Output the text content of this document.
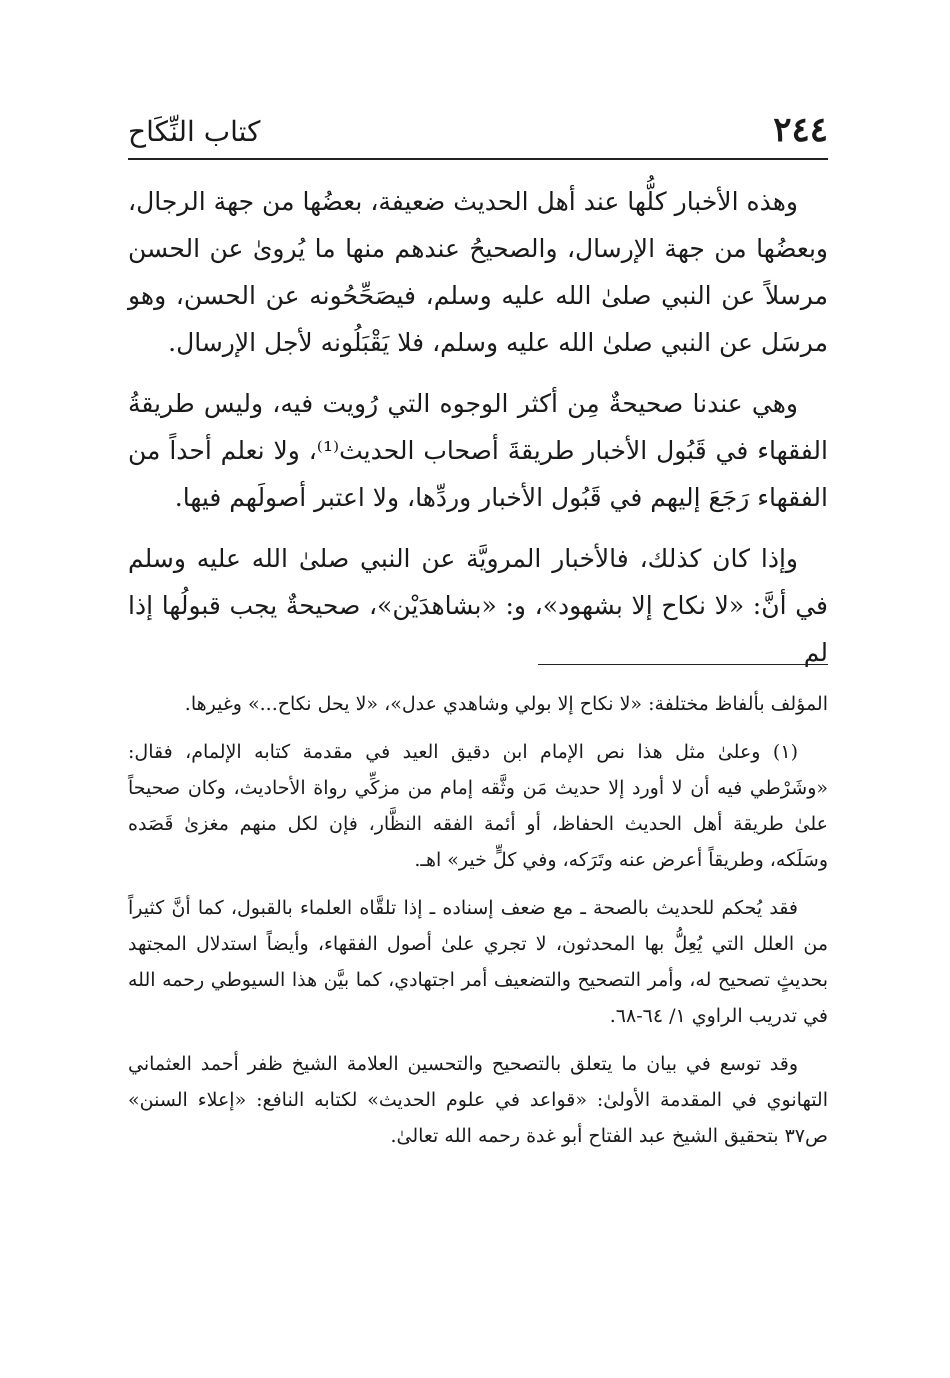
٢٤٤
كتاب النِّكَاح

وهذه الأخبار كلُّها عند أهل الحديث ضعيفة، بعضُها من جهة الرجال، وبعضُها من جهة الإرسال، والصحيحُ عندهم منها ما يُروىٰ عن الحسن مرسلاً عن النبي صلىٰ الله عليه وسلم، فيصَحِّحُونه عن الحسن، وهو مرسَل عن النبي صلىٰ الله عليه وسلم، فلا يَقْبَلُونه لأجل الإرسال.

وهي عندنا صحيحةٌ مِن أكثر الوجوه التي رُويت فيه، وليس طريقةُ الفقهاء في قَبُول الأخبار طريقةَ أصحاب الحديث⁽¹⁾، ولا نعلم أحداً من الفقهاء رَجَعَ إليهم في قَبُول الأخبار وردِّها، ولا اعتبر أصولَهم فيها.

وإذا كان كذلك، فالأخبار المرويَّة عن النبي صلىٰ الله عليه وسلم في أنَّ: «لا نكاح إلا بشهود»، و: «بشاهدَيْن»، صحيحةٌ يجب قبولُها إذا لم

المؤلف بألفاظ مختلفة: «لا نكاح إلا بولي وشاهدي عدل»، «لا يحل نكاح...» وغيرها.

(١) وعلىٰ مثل هذا نص الإمام ابن دقيق العيد في مقدمة كتابه الإلمام، فقال: «وشَرْطي فيه أن لا أورد إلا حديث مَن وثَّقه إمام من مزكِّي رواة الأحاديث، وكان صحيحاً علىٰ طريقة أهل الحديث الحفاظ، أو أئمة الفقه النظَّار، فإن لكل منهم مغزىٰ قَصَده وسَلَكه، وطريقاً أعرض عنه وتَرَكه، وفي كلٍّ خير» اهـ.

فقد يُحكم للحديث بالصحة ـ مع ضعف إسناده ـ إذا تلقَّاه العلماء بالقبول، كما أنَّ كثيراً من العلل التي يُعِلُّ بها المحدثون، لا تجري علىٰ أصول الفقهاء، وأيضاً استدلال المجتهد بحديثٍ تصحيح له، وأمر التصحيح والتضعيف أمر اجتهادي، كما بيَّن هذا السيوطي رحمه الله في تدريب الراوي ١/ ٦٤-٦٨.

وقد توسع في بيان ما يتعلق بالتصحيح والتحسين العلامة الشيخ ظفر أحمد العثماني التهانوي في المقدمة الأولىٰ: «قواعد في علوم الحديث» لكتابه النافع: «إعلاء السنن» ص٣٧ بتحقيق الشيخ عبد الفتاح أبو غدة رحمه الله تعالىٰ.
